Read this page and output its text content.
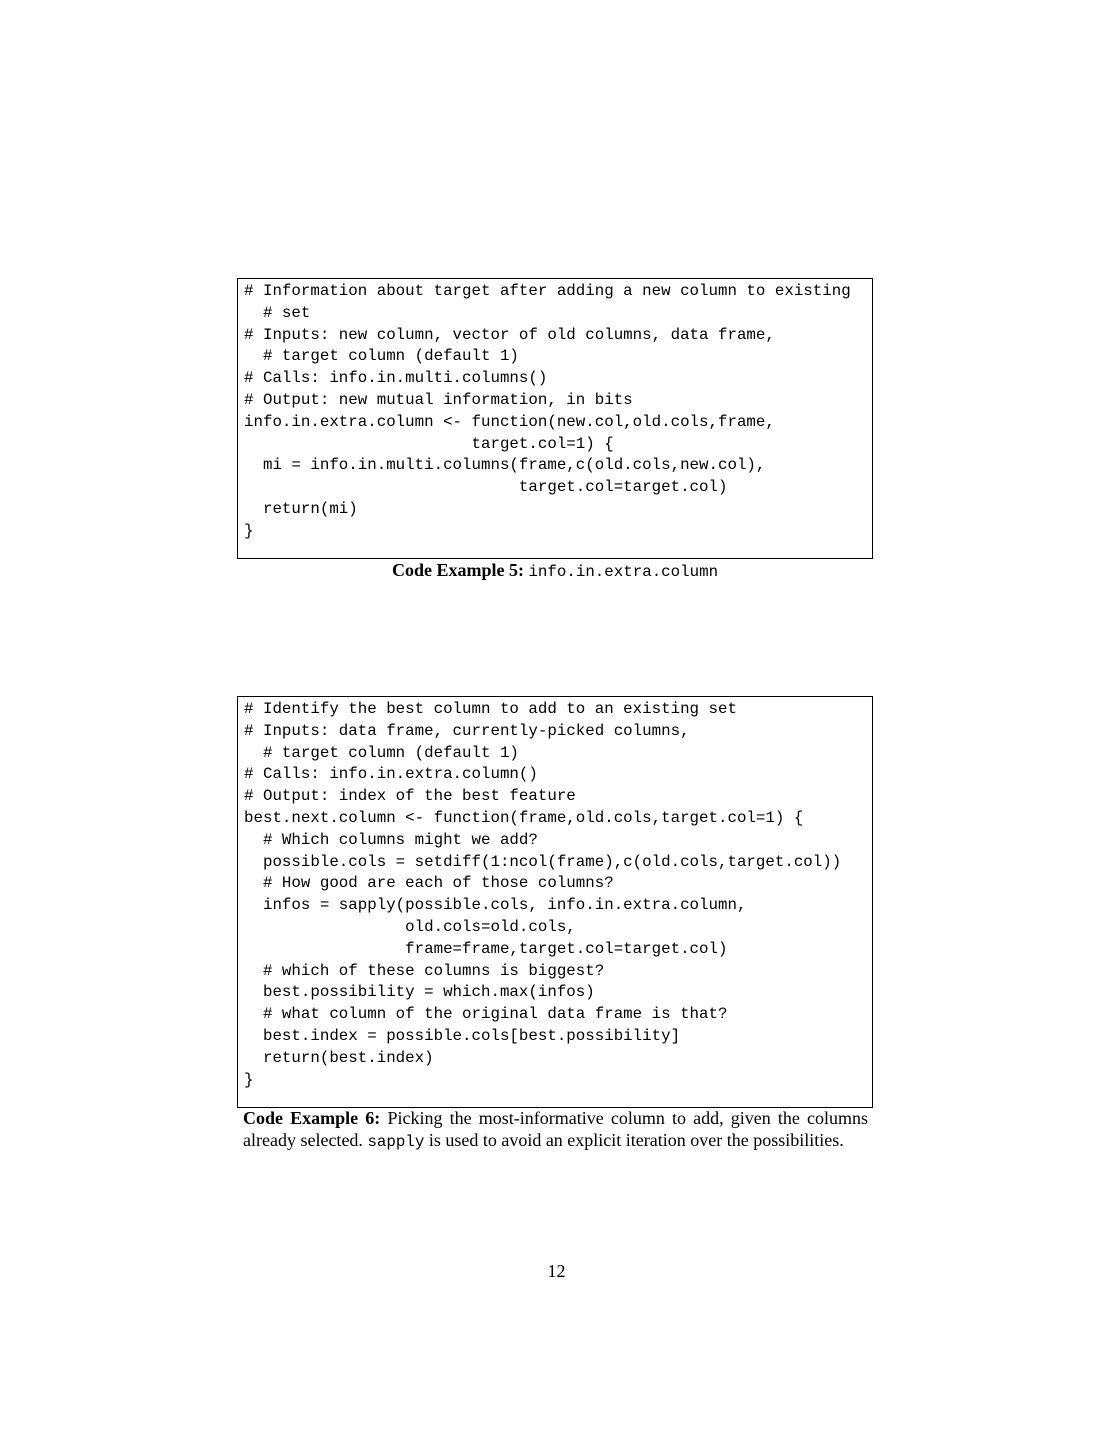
# Information about target after adding a new column to existing
# set
# Inputs: new column, vector of old columns, data frame,
# target column (default 1)
# Calls: info.in.multi.columns()
# Output: new mutual information, in bits
info.in.extra.column <- function(new.col,old.cols,frame,
target.col=1) {
mi = info.in.multi.columns(frame,c(old.cols,new.col),
target.col=target.col)
return(mi)
}
Code Example 5: info.in.extra.column
# Identify the best column to add to an existing set
# Inputs: data frame, currently-picked columns,
# target column (default 1)
# Calls: info.in.extra.column()
# Output: index of the best feature
best.next.column <- function(frame,old.cols,target.col=1) {
# Which columns might we add?
possible.cols = setdiff(1:ncol(frame),c(old.cols,target.col))
# How good are each of those columns?
infos = sapply(possible.cols, info.in.extra.column,
old.cols=old.cols,
frame=frame,target.col=target.col)
# which of these columns is biggest?
best.possibility = which.max(infos)
# what column of the original data frame is that?
best.index = possible.cols[best.possibility]
return(best.index)
}
Code Example 6: Picking the most-informative column to add, given the columns already selected. sapply is used to avoid an explicit iteration over the possibilities.
12
